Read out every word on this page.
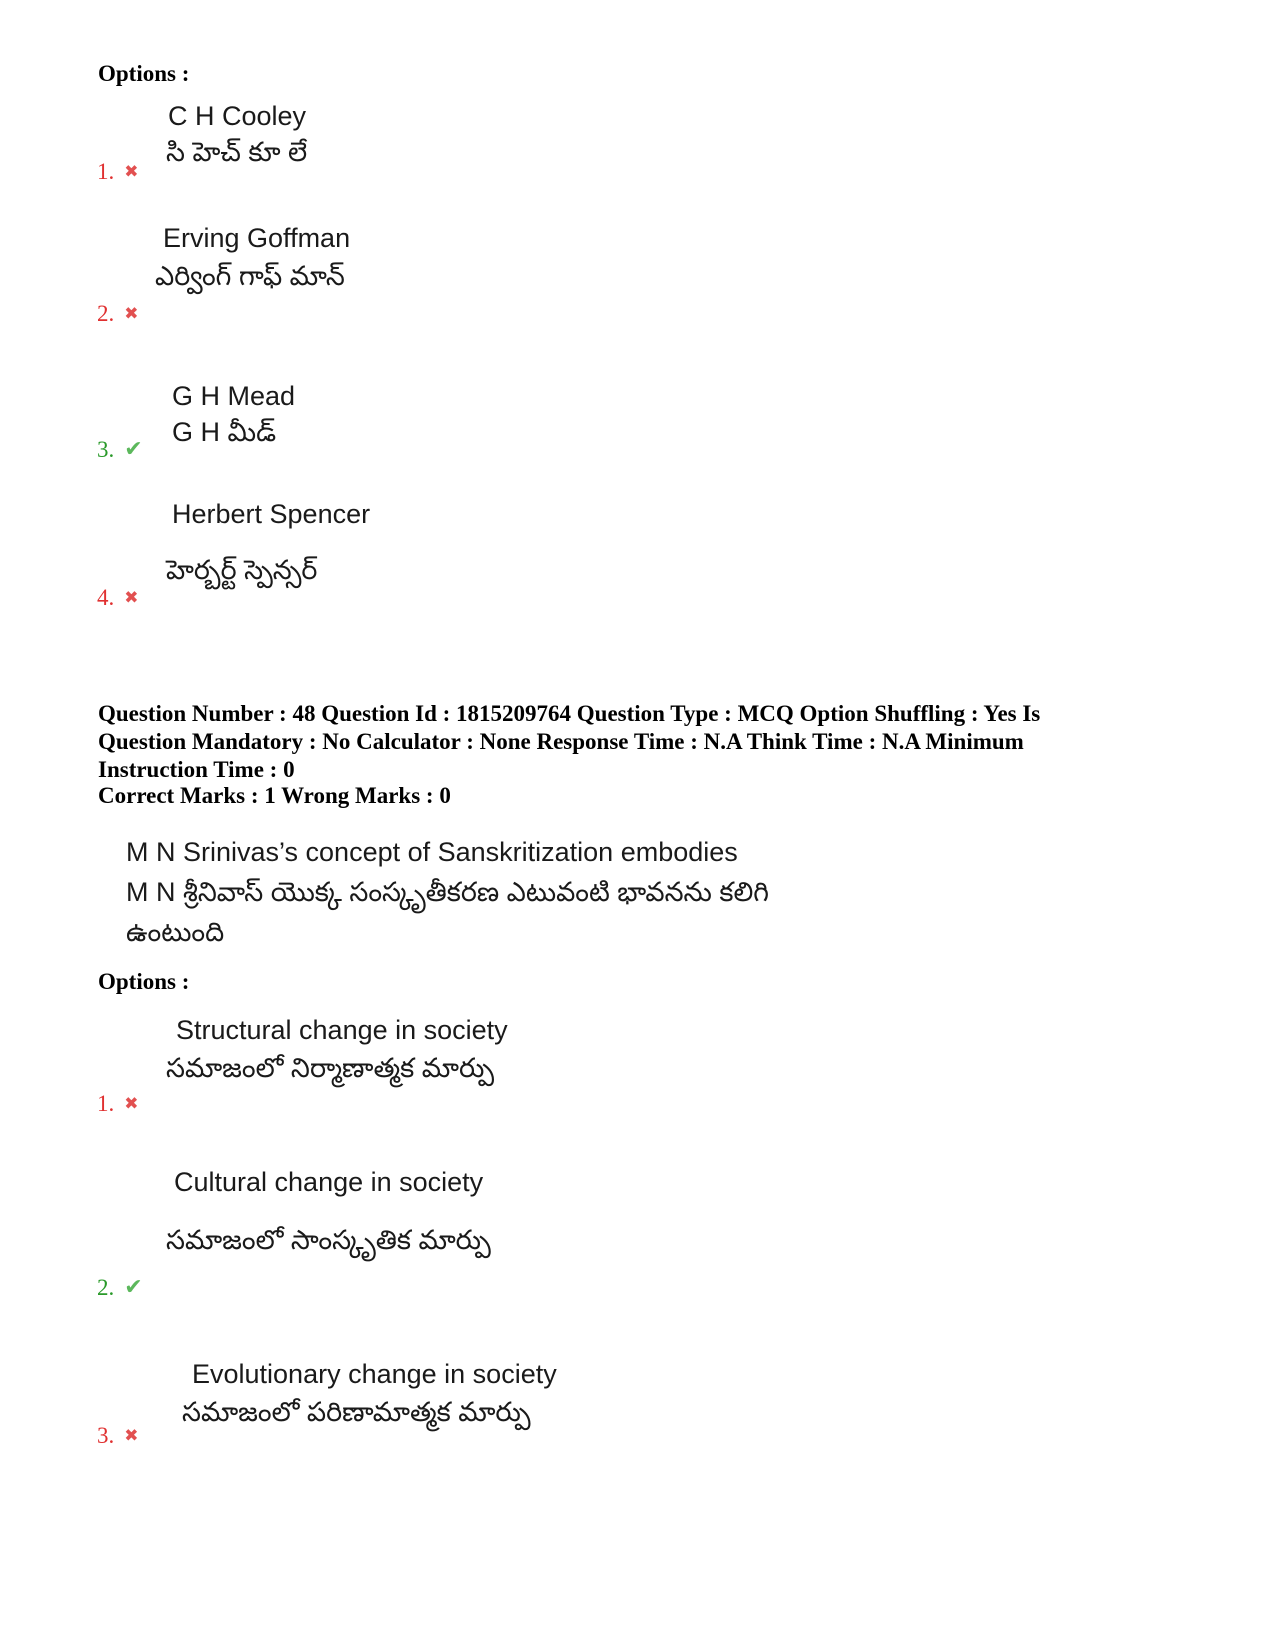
Options :
C H Cooley
సి హెచ్ కూ లే
1. ✖
Erving Goffman
ఎర్వింగ్ గాఫ్ మాన్
2. ✖
G H Mead
G H మీడ్
3. ✔
Herbert Spencer
హెర్బర్ట్ స్పెన్సర్
4. ✖
Question Number : 48 Question Id : 1815209764 Question Type : MCQ Option Shuffling : Yes Is
Question Mandatory : No Calculator : None Response Time : N.A Think Time : N.A Minimum
Instruction Time : 0
Correct Marks : 1 Wrong Marks : 0
M N Srinivas’s concept of Sanskritization embodies
M N శ్రీనివాస్ యొక్క సంస్కృతీకరణ ఎటువంటి భావనను కలిగి
ఉంటుంది
Options :
Structural change in society
సమాజంలో నిర్మాణాత్మక మార్పు
1. ✖
Cultural change in society
సమాజంలో సాంస్కృతిక మార్పు
2. ✔
Evolutionary change in society
సమాజంలో పరిణామాత్మక మార్పు
3. ✖
